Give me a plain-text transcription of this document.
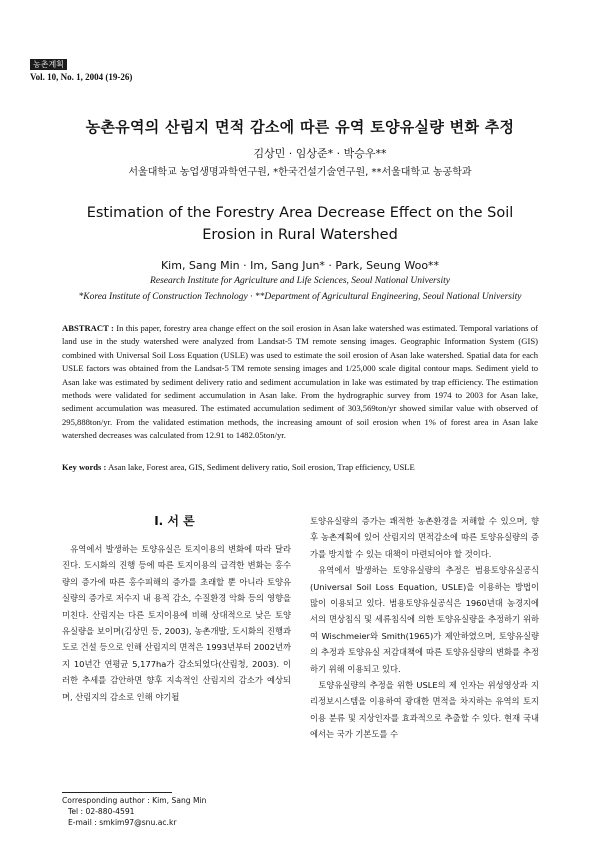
농촌계획
Vol. 10, No. 1, 2004 (19-26)
농촌유역의 산림지 면적 감소에 따른 유역 토양유실량 변화 추정
김상민 · 임상준* · 박승우**
서울대학교 농업생명과학연구원, *한국건설기술연구원, **서울대학교 농공학과
Estimation of the Forestry Area Decrease Effect on the Soil Erosion in Rural Watershed
Kim, Sang Min · Im, Sang Jun* · Park, Seung Woo**
Research Institute for Agriculture and Life Sciences, Seoul National University
*Korea Institute of Construction Technology · **Department of Agricultural Engineering, Seoul National University
ABSTRACT : In this paper, forestry area change effect on the soil erosion in Asan lake watershed was estimated. Temporal variations of land use in the study watershed were analyzed from Landsat-5 TM remote sensing images. Geographic Information System (GIS) combined with Universal Soil Loss Equation (USLE) was used to estimate the soil erosion of Asan lake watershed. Spatial data for each USLE factors was obtained from the Landsat-5 TM remote sensing images and 1/25,000 scale digital contour maps. Sediment yield to Asan lake was estimated by sediment delivery ratio and sediment accumulation in lake was estimated by trap efficiency. The estimation methods were validated for sediment accumulation in Asan lake. From the hydrographic survey from 1974 to 2003 for Asan lake, sediment accumulation was measured. The estimated accumulation sediment of 303,569ton/yr showed similar value with observed of 295,888ton/yr. From the validated estimation methods, the increasing amount of soil erosion when 1% of forest area in Asan lake watershed decreases was calculated from 12.91 to 1482.05ton/yr.
Key words : Asan lake, Forest area, GIS, Sediment delivery ratio, Soil erosion, Trap efficiency, USLE
I. 서 론

유역에서 발생하는 토양유실은 토지이용의 변화에 따라 달라진다. 도시화의 진행 등에 따른 토지이용의 급격한 변화는 홍수량의 증가에 따른 홍수피해의 증가를 초래할 뿐 아니라 토양유실량의 증가로 저수지 내 용적 감소, 수질환경 악화 등의 영향을 미친다. 산림지는 다른 토지이용에 비해 상대적으로 낮은 토양유실량을 보이며(김상민 등, 2003), 농촌개발, 도시화의 진행과 도로 건설 등으로 인해 산림지의 면적은 1993년부터 2002년까지 10년간 연평균 5,177ha가 감소되었다(산림청, 2003). 이러한 추세를 감안하면 향후 지속적인 산림지의 감소가 예상되며, 산림지의 감소로 인해 야기될

토양유실량의 증가는 쾌적한 농촌환경을 저해할 수 있으며, 향후 농촌계획에 있어 산림지의 면적감소에 따른 토양유실량의 증가를 방지할 수 있는 대책이 마련되어야 할 것이다.

유역에서 발생하는 토양유실량의 추정은 범용토양유실공식(Universal Soil Loss Equation, USLE)을 이용하는 방법이 많이 이용되고 있다. 범용토양유실공식은 1960년대 농경지에서의 면상침식 및 세류침식에 의한 토양유실량을 추정하기 위하여 Wischmeier와 Smith(1965)가 제안하였으며, 토양유실량의 추정과 토양유실 저감대책에 따른 토양유실량의 변화를 추정하기 위해 이용되고 있다.

토양유실량의 추정을 위한 USLE의 제 인자는 위성영상과 지리정보시스템을 이용하여 광대한 면적을 차지하는 유역의 토지이용 분류 및 지상인자를 효과적으로 추출할 수 있다. 현재 국내에서는 국가 기본도를 수

Corresponding author : Kim, Sang Min
Tel : 02-880-4591
E-mail : smkim97@snu.ac.kr
